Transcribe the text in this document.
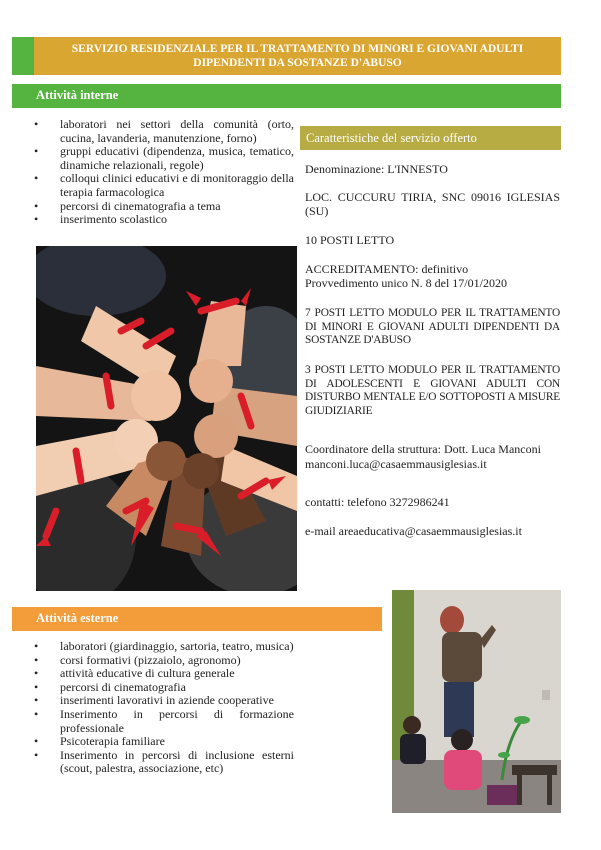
SERVIZIO RESIDENZIALE PER IL TRATTAMENTO DI MINORI E GIOVANI ADULTI
DIPENDENTI DA SOSTANZE D'ABUSO
Attività interne
• laboratori nei settori della comunità (orto, cucina, lavanderia, manutenzione, forno)
• gruppi educativi (dipendenza, musica, tematico, dinamiche relazionali, regole)
• colloqui clinici educativi e di monitoraggio della terapia farmacologica
• percorsi di cinematografia a tema
• inserimento scolastico
Caratteristiche del servizio offerto
Denominazione: L'INNESTO
LOC. CUCCURU TIRIA, SNC 09016 IGLESIAS (SU)
10 POSTI LETTO
ACCREDITAMENTO: definitivo
Provvedimento unico N. 8 del 17/01/2020
7 POSTI LETTO MODULO PER IL TRATTAMENTO DI MINORI E GIOVANI ADULTI DIPENDENTI DA SOSTANZE D'ABUSO
3 POSTI LETTO MODULO PER IL TRATTAMENTO DI ADOLESCENTI E GIOVANI ADULTI CON DISTURBO MENTALE E/O SOTTOPOSTI A MISURE GIUDIZIARIE
Coordinatore della struttura: Dott. Luca Manconi
manconi.luca@casaemmausiglesias.it
contatti: telefono 3272986241
e-mail areaeducativa@casaemmausiglesias.it
Attività esterne
• laboratori (giardinaggio, sartoria, teatro, musica)
• corsi formativi (pizzaiolo, agronomo)
• attività educative di cultura generale
• percorsi di cinematografia
• inserimenti lavorativi in aziende cooperative
• Inserimento in percorsi di formazione professionale
• Psicoterapia familiare
• Inserimento in percorsi di inclusione esterni (scout, palestra, associazione, etc)
